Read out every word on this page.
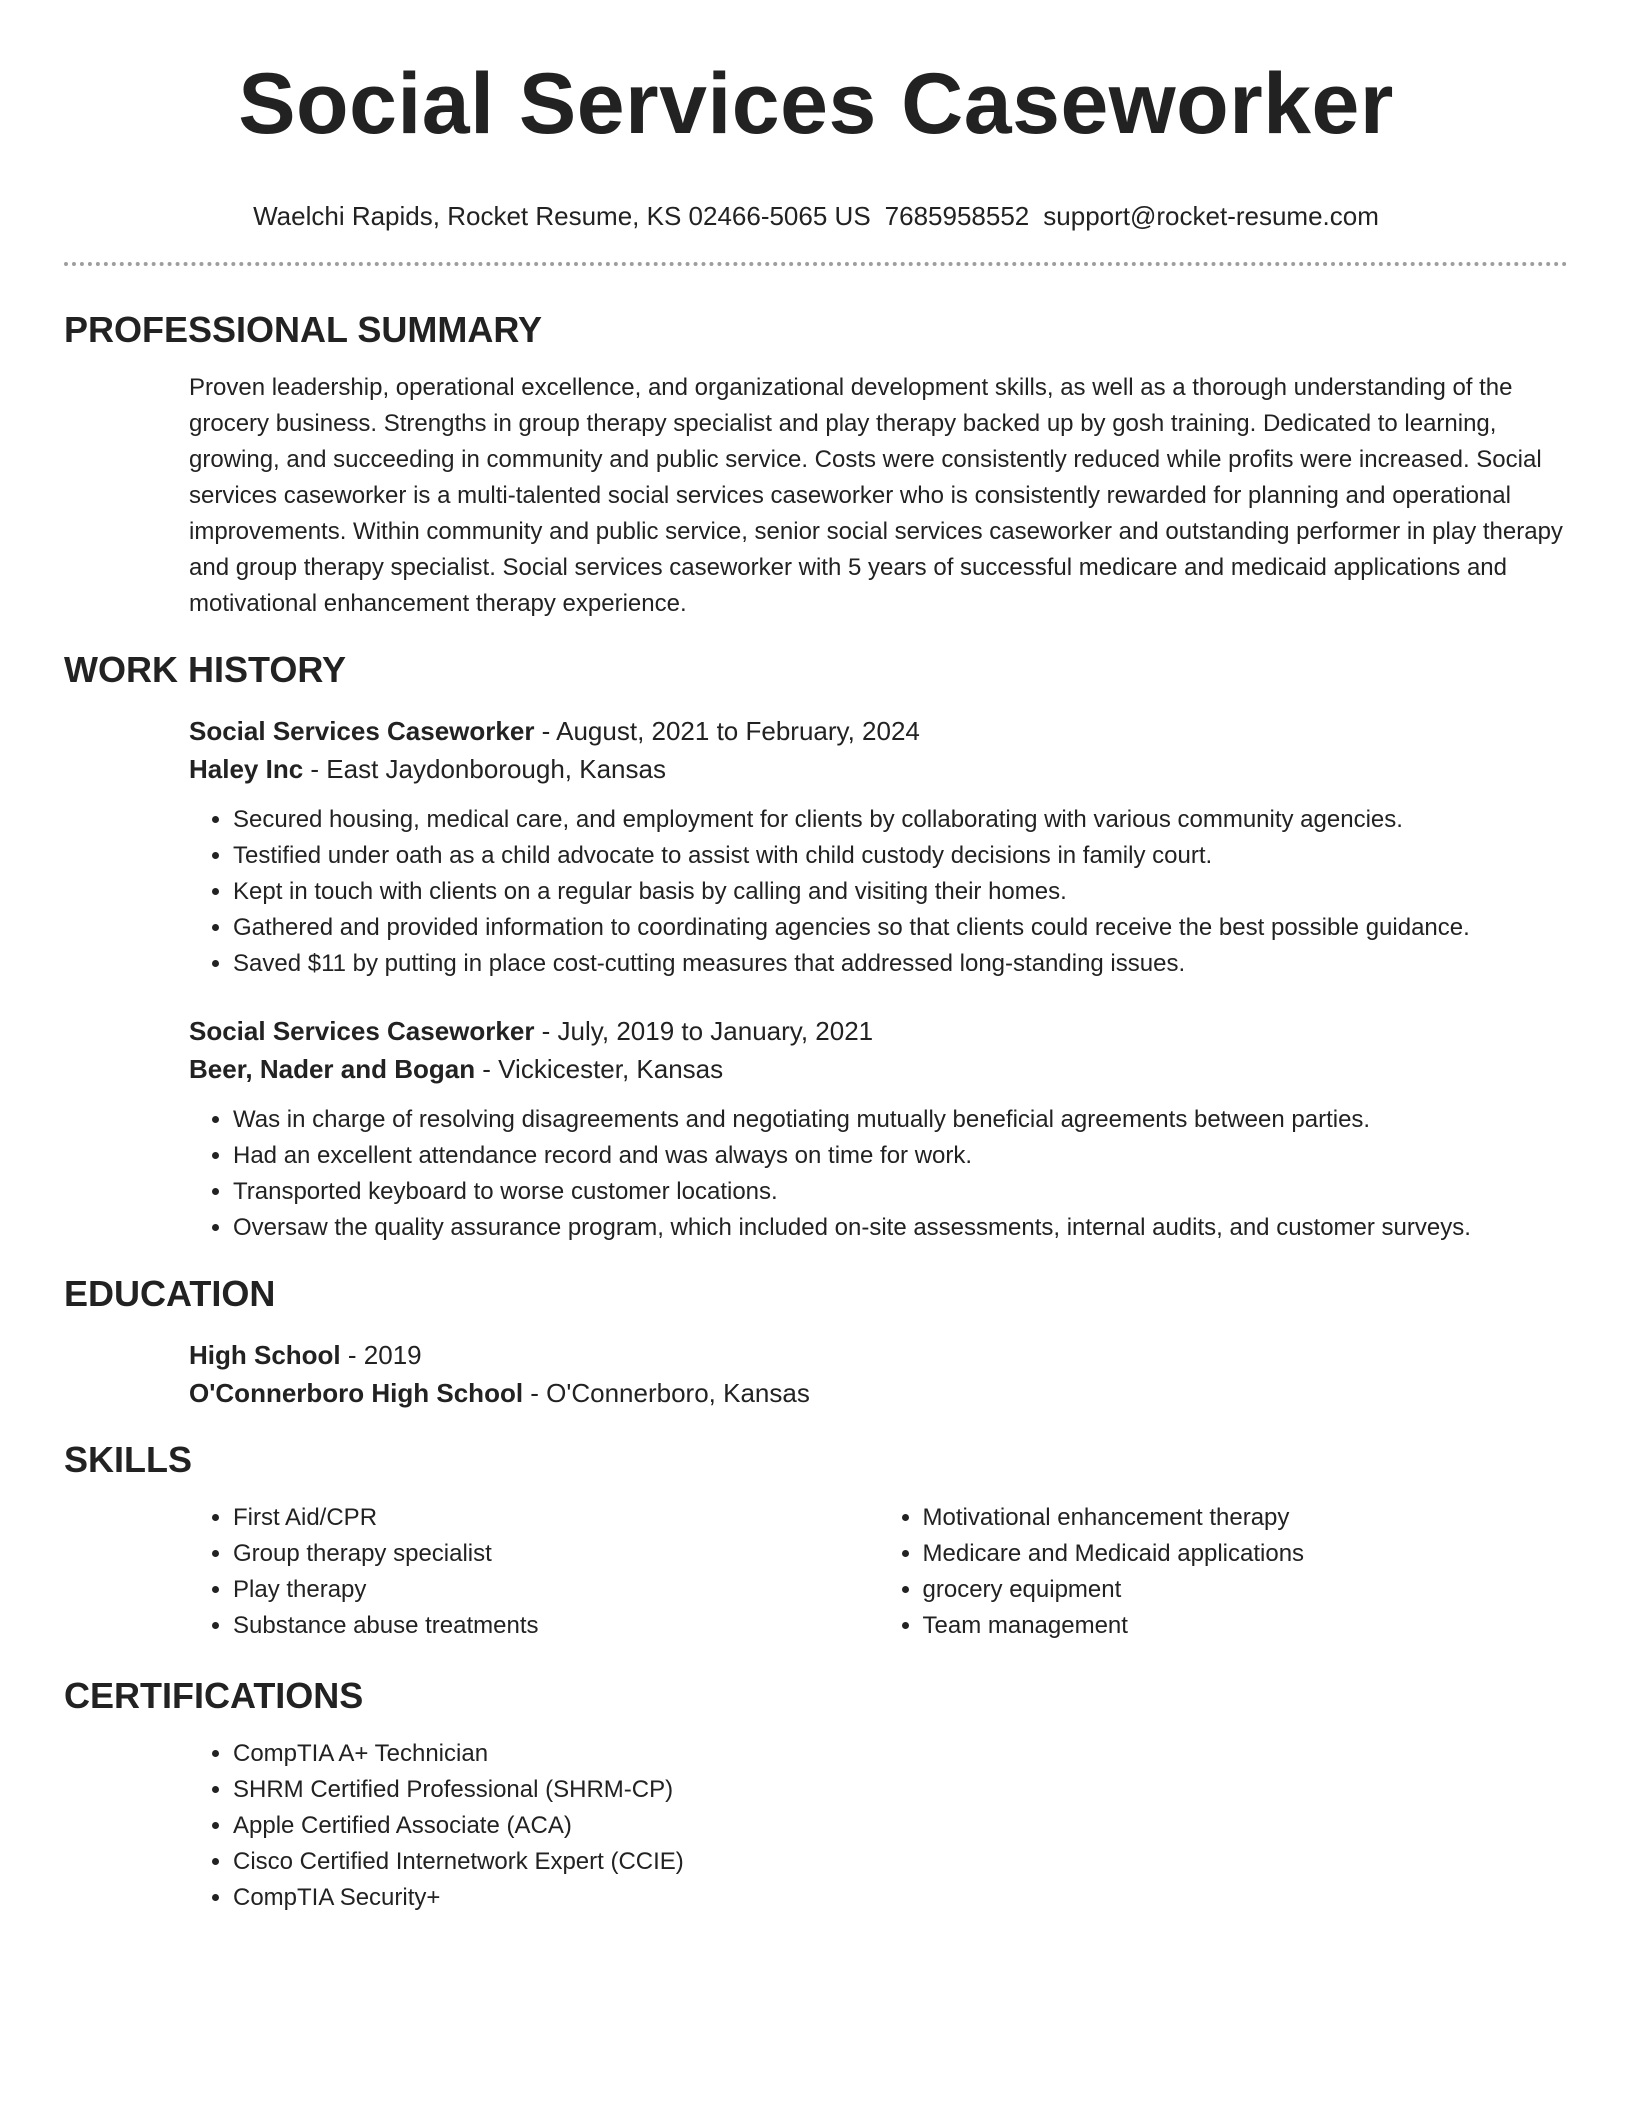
Social Services Caseworker
Waelchi Rapids, Rocket Resume, KS 02466-5065 US 7685958552 support@rocket-resume.com
PROFESSIONAL SUMMARY

Proven leadership, operational excellence, and organizational development skills, as well as a thorough understanding of the grocery business. Strengths in group therapy specialist and play therapy backed up by gosh training. Dedicated to learning, growing, and succeeding in community and public service. Costs were consistently reduced while profits were increased. Social services caseworker is a multi-talented social services caseworker who is consistently rewarded for planning and operational improvements. Within community and public service, senior social services caseworker and outstanding performer in play therapy and group therapy specialist. Social services caseworker with 5 years of successful medicare and medicaid applications and motivational enhancement therapy experience.

WORK HISTORY
Social Services Caseworker - August, 2021 to February, 2024
Haley Inc - East Jaydonborough, Kansas
• Secured housing, medical care, and employment for clients by collaborating with various community agencies.
• Testified under oath as a child advocate to assist with child custody decisions in family court.
• Kept in touch with clients on a regular basis by calling and visiting their homes.
• Gathered and provided information to coordinating agencies so that clients could receive the best possible guidance.
• Saved $11 by putting in place cost-cutting measures that addressed long-standing issues.
Social Services Caseworker - July, 2019 to January, 2021
Beer, Nader and Bogan - Vickicester, Kansas
• Was in charge of resolving disagreements and negotiating mutually beneficial agreements between parties.
• Had an excellent attendance record and was always on time for work.
• Transported keyboard to worse customer locations.
• Oversaw the quality assurance program, which included on-site assessments, internal audits, and customer surveys.
EDUCATION
High School - 2019
O'Connerboro High School - O'Connerboro, Kansas
SKILLS
• First Aid/CPR
• Group therapy specialist
• Play therapy
• Substance abuse treatments
• Motivational enhancement therapy
• Medicare and Medicaid applications
• grocery equipment
• Team management
CERTIFICATIONS
• CompTIA A+ Technician
• SHRM Certified Professional (SHRM-CP)
• Apple Certified Associate (ACA)
• Cisco Certified Internetwork Expert (CCIE)
• CompTIA Security+
